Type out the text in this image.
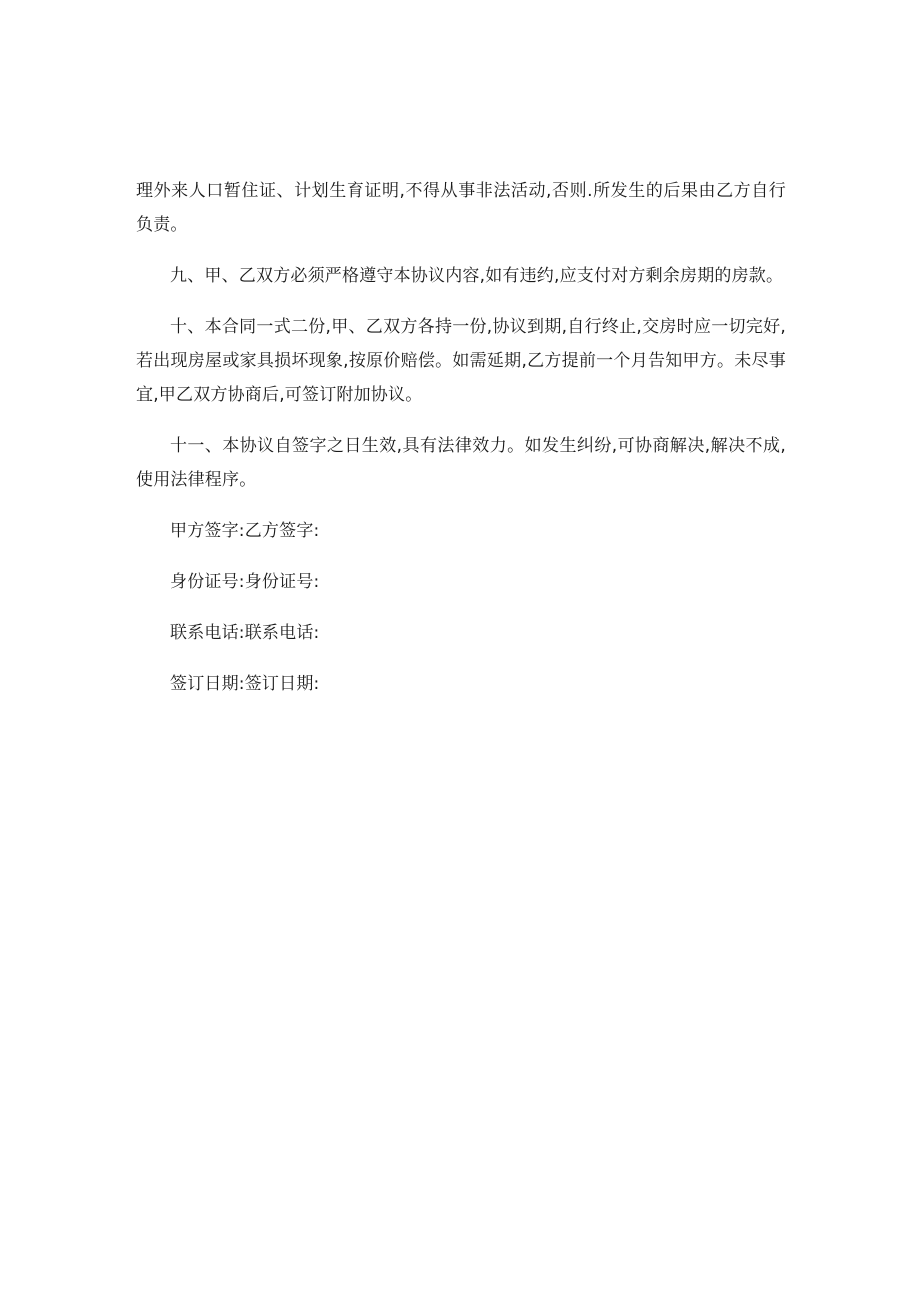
理外来人口暂住证、计划生育证明,不得从事非法活动,否则.所发生的后果由乙方自行负责。

九、甲、乙双方必须严格遵守本协议内容,如有违约,应支付对方剩余房期的房款。

十、本合同一式二份,甲、乙双方各持一份,协议到期,自行终止,交房时应一切完好,若出现房屋或家具损坏现象,按原价赔偿。如需延期,乙方提前一个月告知甲方。未尽事宜,甲乙双方协商后,可签订附加协议。

十一、本协议自签字之日生效,具有法律效力。如发生纠纷,可协商解决,解决不成,使用法律程序。

甲方签字:乙方签字:

身份证号:身份证号:

联系电话:联系电话:

签订日期:签订日期:
